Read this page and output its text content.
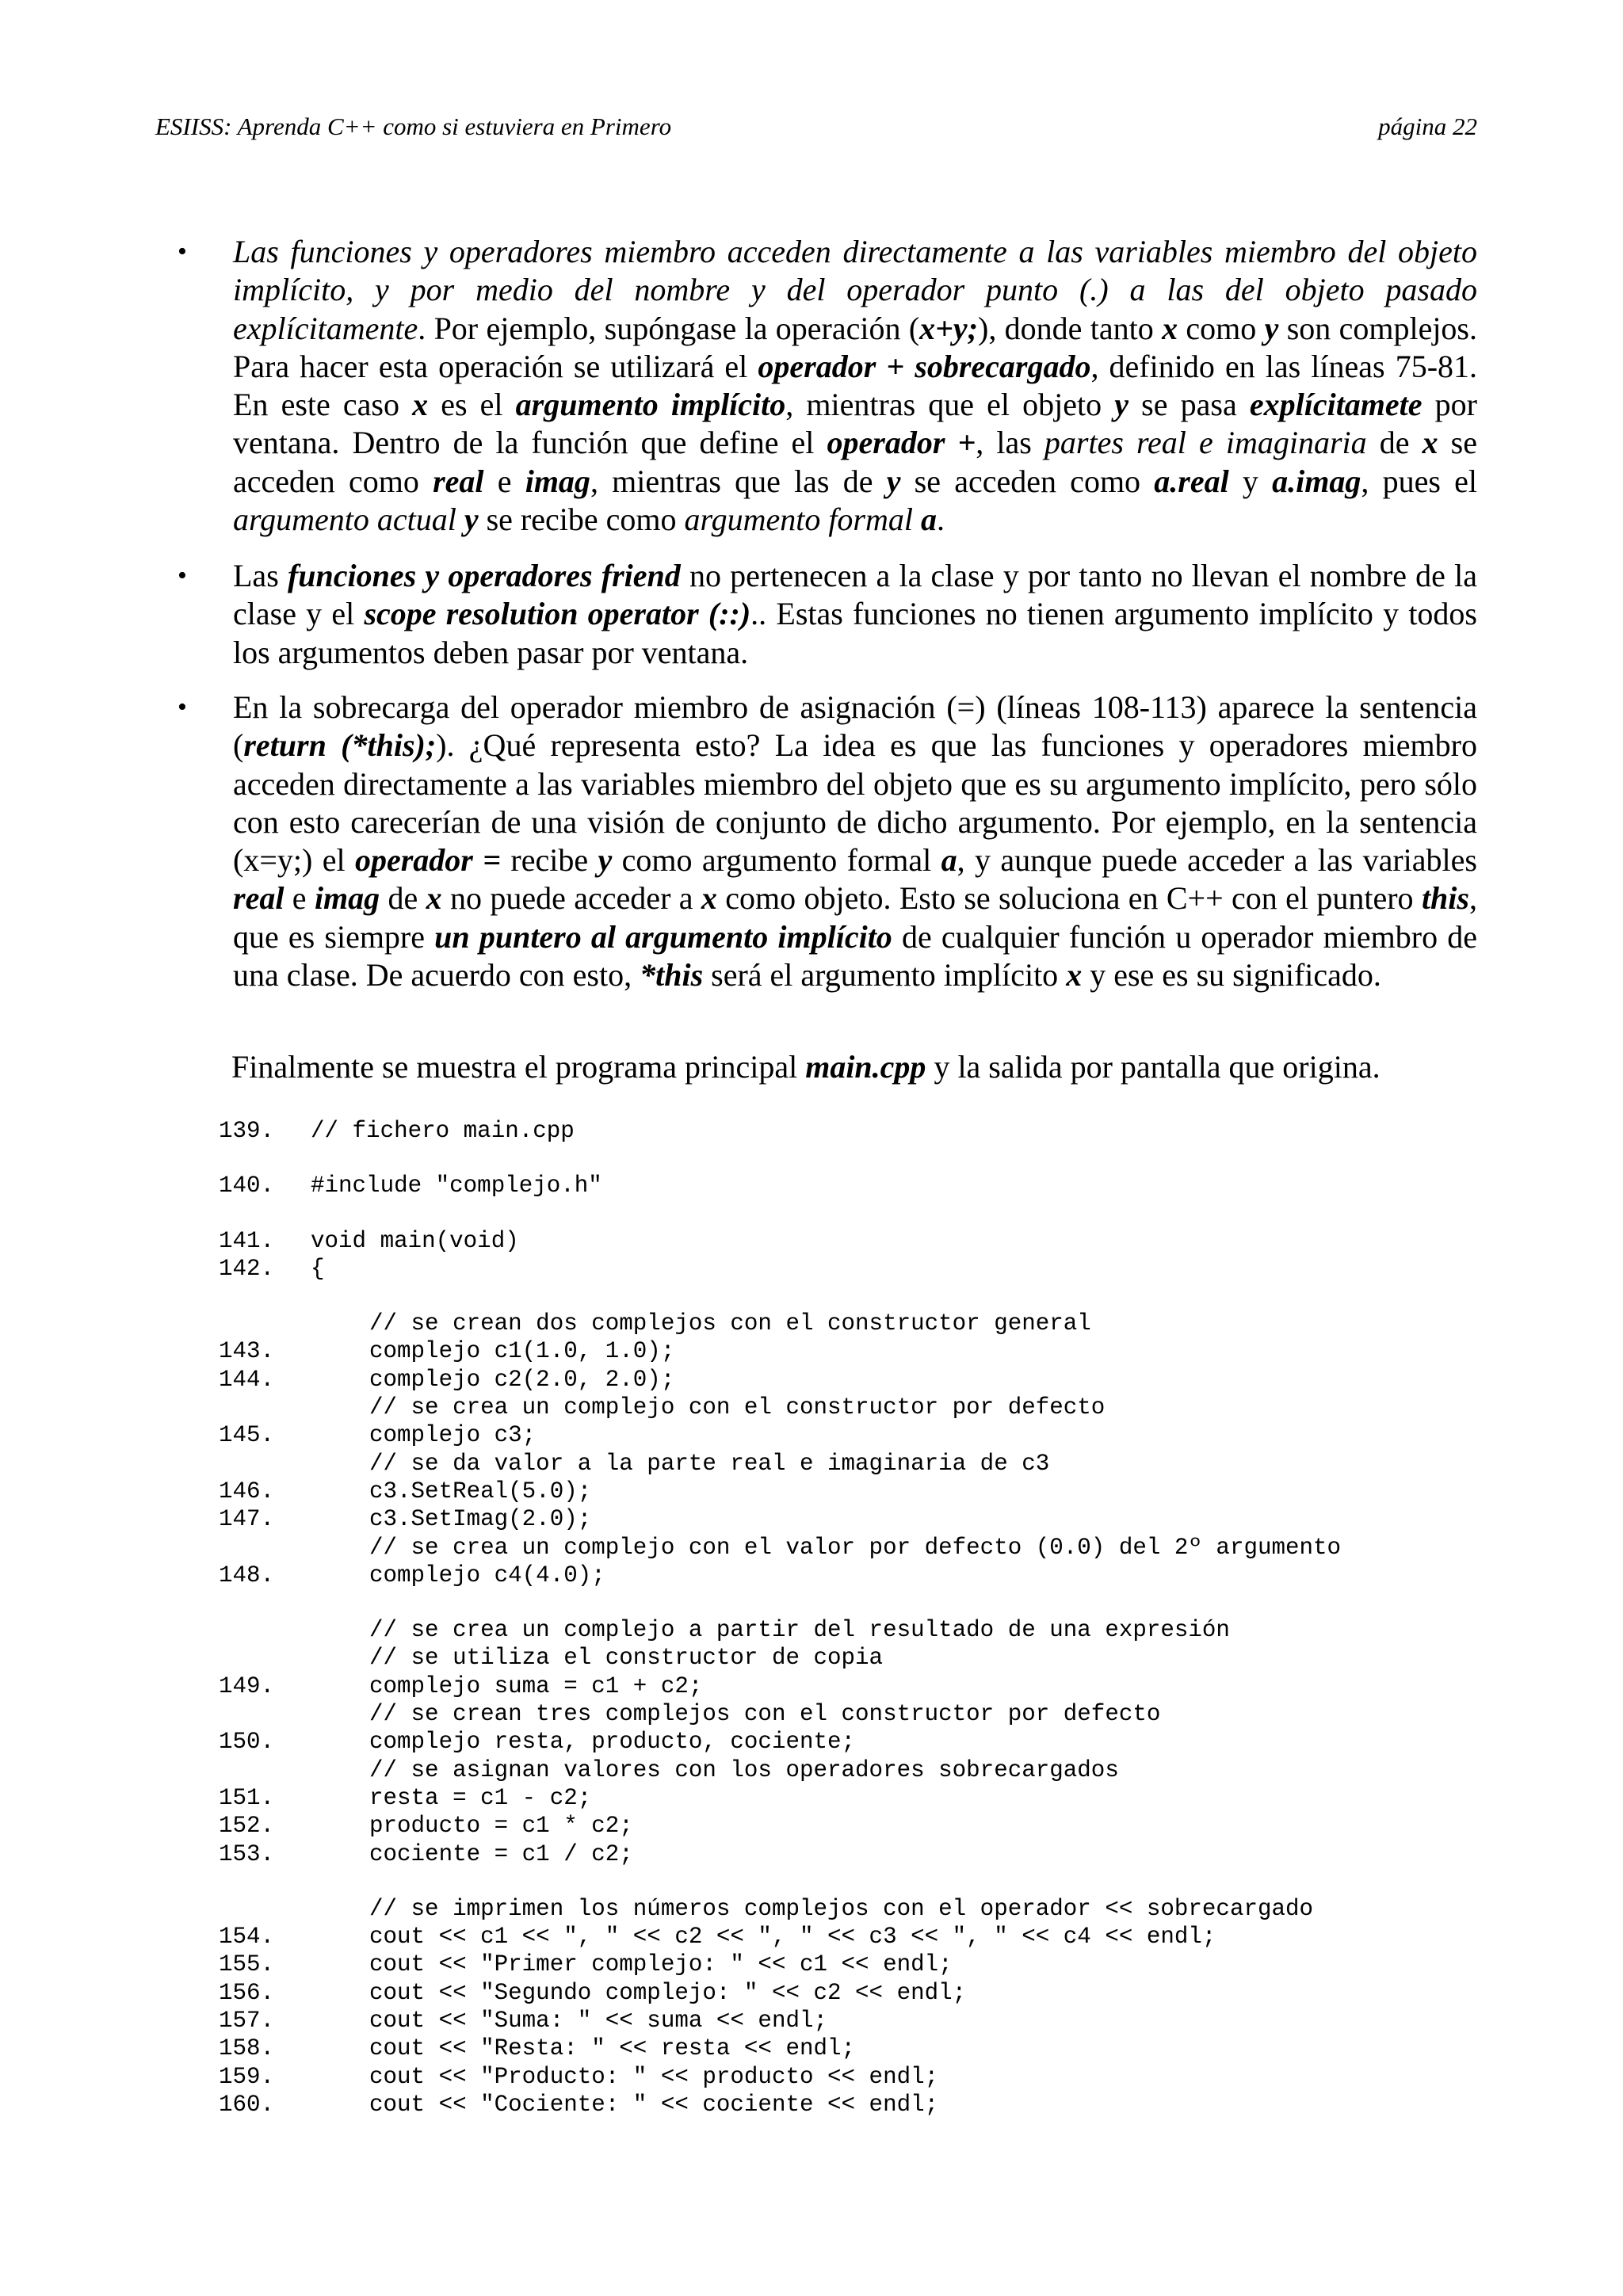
ESIISS: Aprenda C++ como si estuviera en Primero	página 22
• Las funciones y operadores miembro acceden directamente a las variables miembro del objeto implícito, y por medio del nombre y del operador punto (.) a las del objeto pasado explícitamente. Por ejemplo, supóngase la operación (x+y;), donde tanto x como y son complejos. Para hacer esta operación se utilizará el operador + sobrecargado, definido en las líneas 75-81. En este caso x es el argumento implícito, mientras que el objeto y se pasa explícitamete por ventana. Dentro de la función que define el operador +, las partes real e imaginaria de x se acceden como real e imag, mientras que las de y se acceden como a.real y a.imag, pues el argumento actual y se recibe como argumento formal a.
• Las funciones y operadores friend no pertenecen a la clase y por tanto no llevan el nombre de la clase y el scope resolution operator (::).. Estas funciones no tienen argumento implícito y todos los argumentos deben pasar por ventana.
• En la sobrecarga del operador miembro de asignación (=) (líneas 108-113) aparece la sentencia (return (*this);). ¿Qué representa esto? La idea es que las funciones y operadores miembro acceden directamente a las variables miembro del objeto que es su argumento implícito, pero sólo con esto carecerían de una visión de conjunto de dicho argumento. Por ejemplo, en la sentencia (x=y;) el operador = recibe y como argumento formal a, y aunque puede acceder a las variables real e imag de x no puede acceder a x como objeto. Esto se soluciona en C++ con el puntero this, que es siempre un puntero al argumento implícito de cualquier función u operador miembro de una clase. De acuerdo con esto, *this será el argumento implícito x y ese es su significado.
Finalmente se muestra el programa principal main.cpp y la salida por pantalla que origina.
139.	// fichero main.cpp
140.	#include "complejo.h"
141.	void main(void)
142.	{
// se crean dos complejos con el constructor general
143.	complejo c1(1.0, 1.0);
144.	complejo c2(2.0, 2.0);
// se crea un complejo con el constructor por defecto
145.	complejo c3;
// se da valor a la parte real e imaginaria de c3
146.	c3.SetReal(5.0);
147.	c3.SetImag(2.0);
// se crea un complejo con el valor por defecto (0.0) del 2º argumento
148.	complejo c4(4.0);
// se crea un complejo a partir del resultado de una expresión
// se utiliza el constructor de copia
149.	complejo suma = c1 + c2;
// se crean tres complejos con el constructor por defecto
150.	complejo resta, producto, cociente;
// se asignan valores con los operadores sobrecargados
151.	resta = c1 - c2;
152.	producto = c1 * c2;
153.	cociente = c1 / c2;
// se imprimen los números complejos con el operador << sobrecargado
154.	cout << c1 << ", " << c2 << ", " << c3 << ", " << c4 << endl;
155.	cout << "Primer complejo: " << c1 << endl;
156.	cout << "Segundo complejo: " << c2 << endl;
157.	cout << "Suma: " << suma << endl;
158.	cout << "Resta: " << resta << endl;
159.	cout << "Producto: " << producto << endl;
160.	cout << "Cociente: " << cociente << endl;
